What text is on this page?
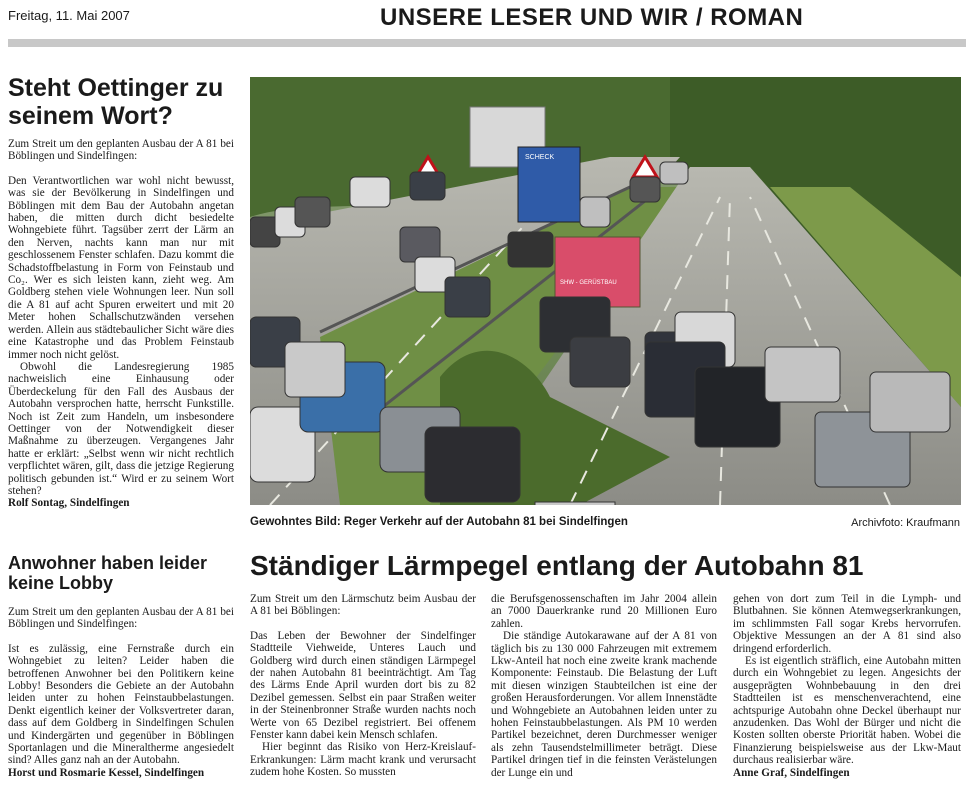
Freitag, 11. Mai 2007	UNSERE LESER UND WIR / ROMAN
Steht Oettinger zu seinem Wort?

Zum Streit um den geplanten Ausbau der A 81 bei Böblingen und Sindelfingen:

Den Verantwortlichen war wohl nicht bewusst, was sie der Bevölkerung in Sindelfingen und Böblingen mit dem Bau der Autobahn angetan haben, die mitten durch dicht besiedelte Wohngebiete führt. Tagsüber zerrt der Lärm an den Nerven, nachts kann man nur mit geschlossenem Fenster schlafen. Dazu kommt die Schadstoffbelastung in Form von Feinstaub und Co₂. Wer es sich leisten kann, zieht weg. Am Goldberg stehen viele Wohnungen leer. Nun soll die A 81 auf acht Spuren erweitert und mit 20 Meter hohen Schallschutzwänden versehen werden. Allein aus städtebaulicher Sicht wäre dies eine Katastrophe und das Problem Feinstaub immer noch nicht gelöst.

Obwohl die Landesregierung 1985 nachweislich eine Einhausung oder Überdeckelung für den Fall des Ausbaus der Autobahn versprochen hatte, herrscht Funkstille. Noch ist Zeit zum Handeln, um insbesondere Oettinger von der Notwendigkeit dieser Maßnahme zu überzeugen. Vergangenes Jahr hatte er erklärt: „Selbst wenn wir nicht rechtlich verpflichtet wären, gilt, dass die jetzige Regierung politisch gebunden ist.“ Wird er zu seinem Wort stehen?

Rolf Sontag, Sindelfingen

Anwohner haben leider keine Lobby

Zum Streit um den geplanten Ausbau der A 81 bei Böblingen und Sindelfingen:

Ist es zulässig, eine Fernstraße durch ein Wohngebiet zu leiten? Leider haben die betroffenen Anwohner bei den Politikern keine Lobby! Besonders die Gebiete an der Autobahn leiden unter zu hohen Feinstaubbelastungen. Denkt eigentlich keiner der Volksvertreter daran, dass auf dem Goldberg in Sindelfingen Schulen und Kindergärten und gegenüber in Böblingen Sportanlagen und die Mineraltherme angesiedelt sind? Alles ganz nah an der Autobahn.

Horst und Rosmarie Kessel, Sindelfingen

SCHECK
SHW - GERÜSTBAU
Gewohntes Bild: Reger Verkehr auf der Autobahn 81 bei Sindelfingen	Archivfoto: Kraufmann
Ständiger Lärmpegel entlang der Autobahn 81

Zum Streit um den Lärmschutz beim Ausbau der A 81 bei Böblingen:

Das Leben der Bewohner der Sindelfinger Stadtteile Viehweide, Unteres Lauch und Goldberg wird durch einen ständigen Lärmpegel der nahen Autobahn 81 beeinträchtigt. Am Tag des Lärms Ende April wurden dort bis zu 82 Dezibel gemessen. Selbst ein paar Straßen weiter in der Steinenbronner Straße wurden nachts noch Werte von 65 Dezibel registriert. Bei offenem Fenster kann dabei kein Mensch schlafen.

Hier beginnt das Risiko von Herz-Kreislauf-Erkrankungen: Lärm macht krank und verursacht zudem hohe Kosten. So mussten

die Berufsgenossenschaften im Jahr 2004 allein an 7000 Dauerkranke rund 20 Millionen Euro zahlen.

Die ständige Autokarawane auf der A 81 von täglich bis zu 130 000 Fahrzeugen mit extremem Lkw-Anteil hat noch eine zweite krank machende Komponente: Feinstaub. Die Belastung der Luft mit diesen winzigen Staubteilchen ist eine der großen Herausforderungen. Vor allem Innenstädte und Wohngebiete an Autobahnen leiden unter zu hohen Feinstaubbelastungen. Als PM 10 werden Partikel bezeichnet, deren Durchmesser weniger als zehn Tausendstelmillimeter beträgt. Diese Partikel dringen tief in die feinsten Verästelungen der Lunge ein und

gehen von dort zum Teil in die Lymph- und Blutbahnen. Sie können Atemwegserkrankungen, im schlimmsten Fall sogar Krebs hervorrufen. Objektive Messungen an der A 81 sind also dringend erforderlich.

Es ist eigentlich sträflich, eine Autobahn mitten durch ein Wohngebiet zu legen. Angesichts der ausgeprägten Wohnbebauung in den drei Stadtteilen ist es menschenverachtend, eine achtspurige Autobahn ohne Deckel überhaupt nur anzudenken. Das Wohl der Bürger und nicht die Kosten sollten oberste Priorität haben. Wobei die Finanzierung beispielsweise aus der Lkw-Maut durchaus realisierbar wäre.

Anne Graf, Sindelfingen
